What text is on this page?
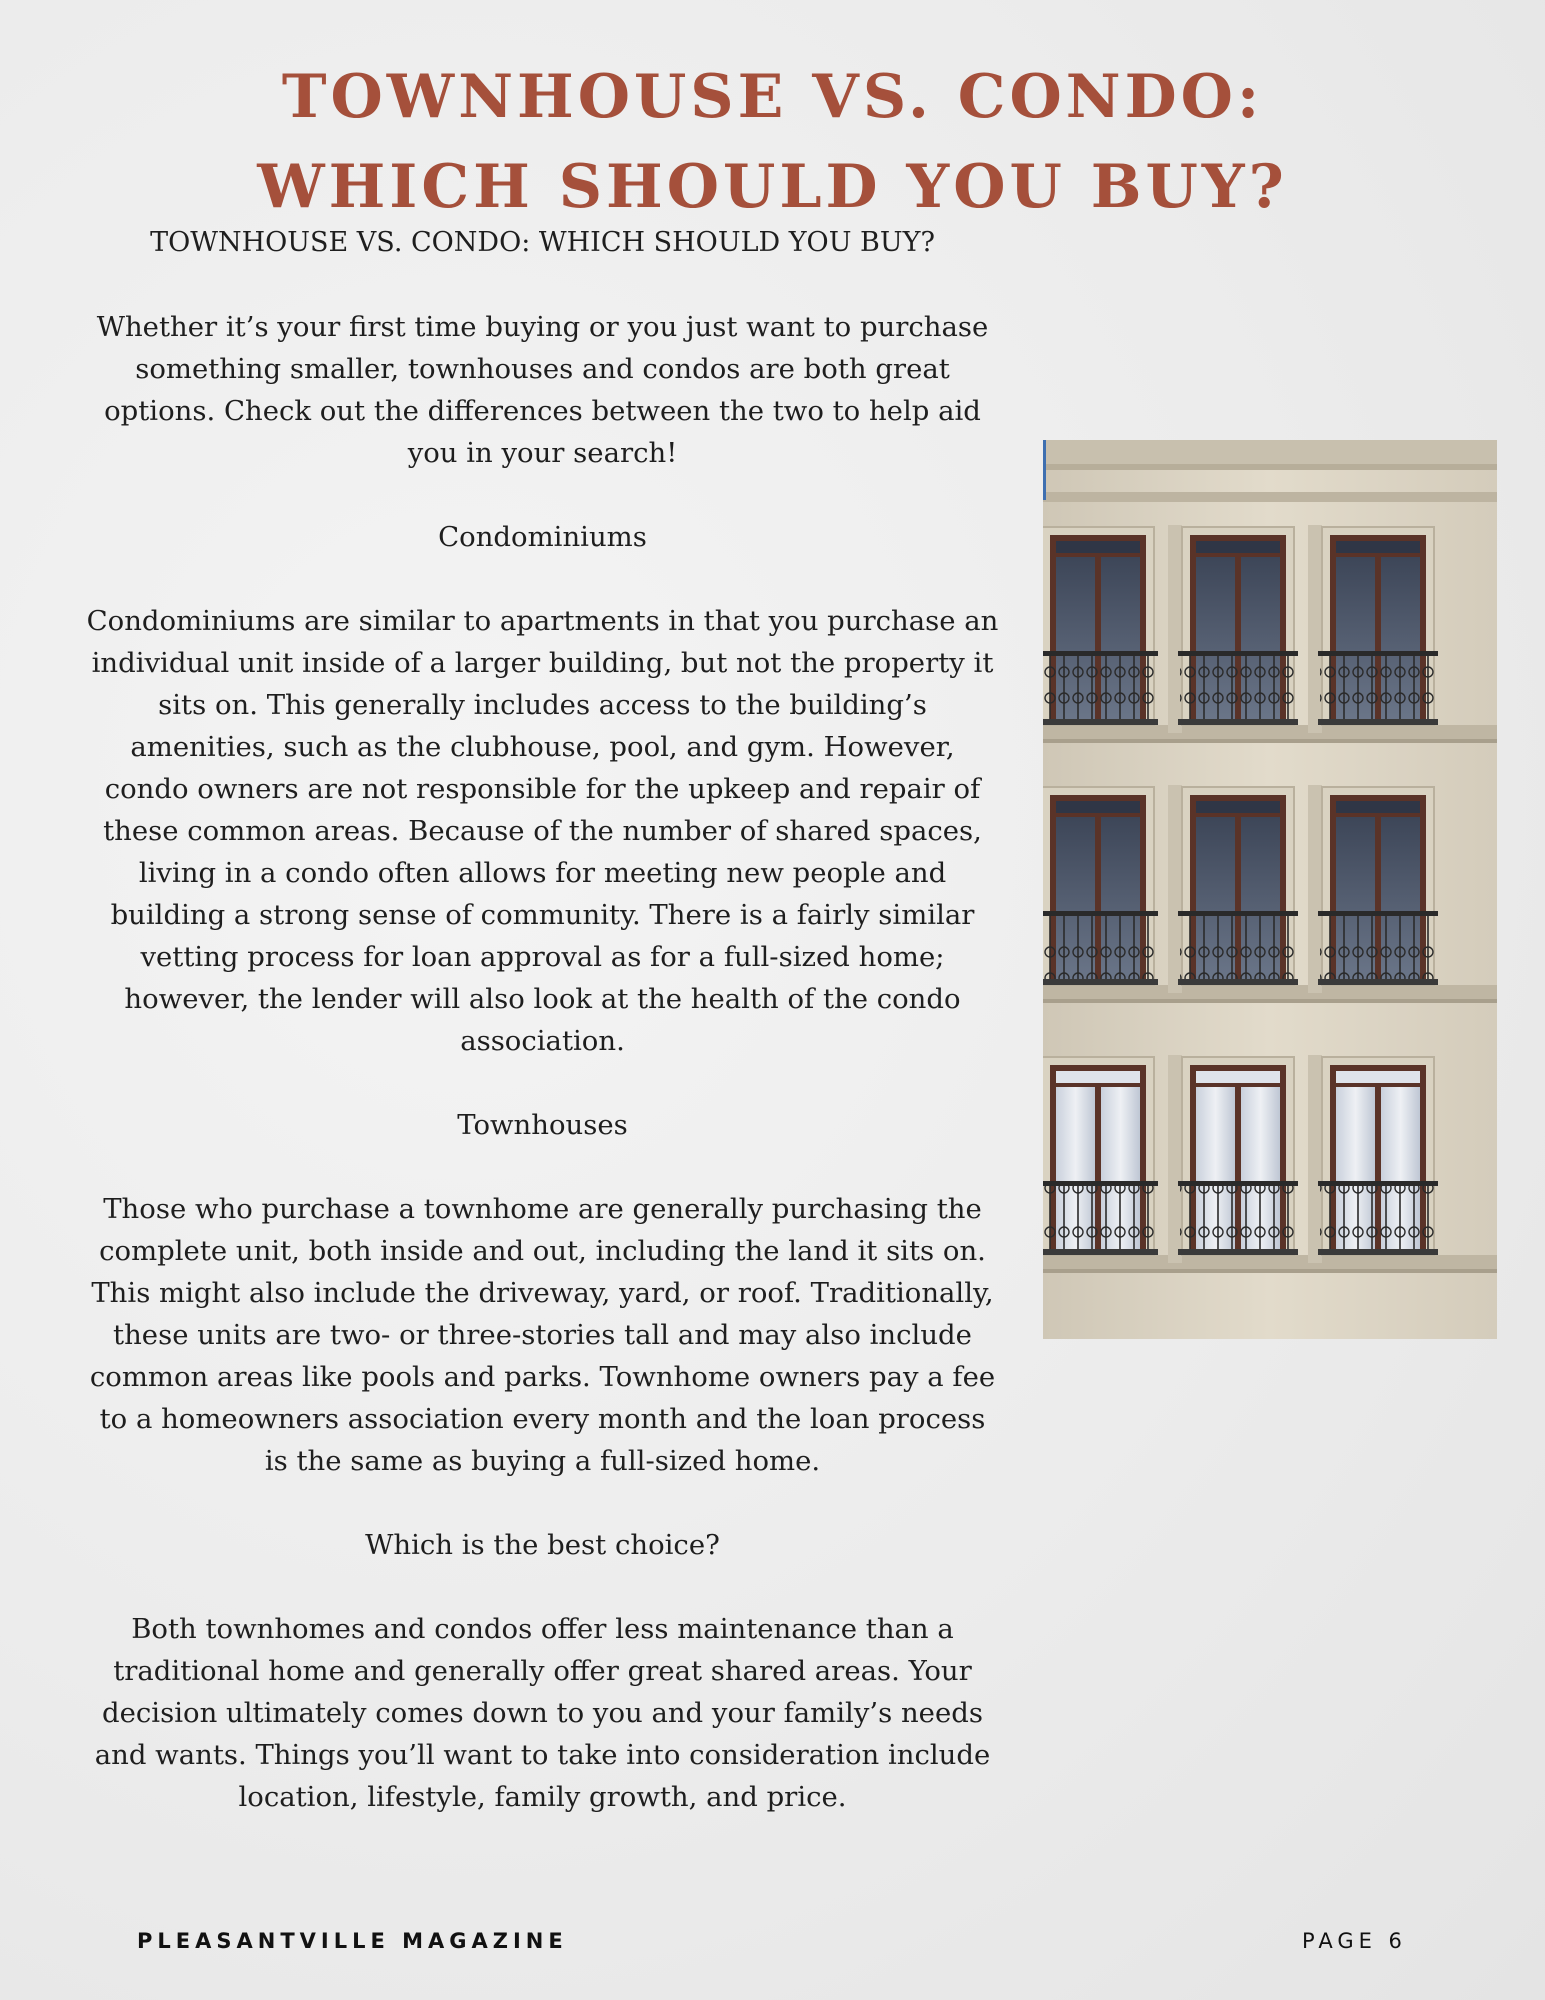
TOWNHOUSE VS. CONDO:
WHICH SHOULD YOU BUY?

TOWNHOUSE VS. CONDO: WHICH SHOULD YOU BUY?

Whether it’s your first time buying or you just want to purchase something smaller, townhouses and condos are both great options. Check out the differences between the two to help aid you in your search!

Condominiums

Condominiums are similar to apartments in that you purchase an individual unit inside of a larger building, but not the property it sits on. This generally includes access to the building’s amenities, such as the clubhouse, pool, and gym. However, condo owners are not responsible for the upkeep and repair of these common areas. Because of the number of shared spaces, living in a condo often allows for meeting new people and building a strong sense of community. There is a fairly similar vetting process for loan approval as for a full-sized home; however, the lender will also look at the health of the condo association.

Townhouses

Those who purchase a townhome are generally purchasing the complete unit, both inside and out, including the land it sits on. This might also include the driveway, yard, or roof. Traditionally, these units are two- or three-stories tall and may also include common areas like pools and parks. Townhome owners pay a fee to a homeowners association every month and the loan process is the same as buying a full-sized home.

Which is the best choice?

Both townhomes and condos offer less maintenance than a traditional home and generally offer great shared areas. Your decision ultimately comes down to you and your family’s needs and wants. Things you’ll want to take into consideration include location, lifestyle, family growth, and price.

PLEASANTVILLE MAGAZINE	PAGE 6
